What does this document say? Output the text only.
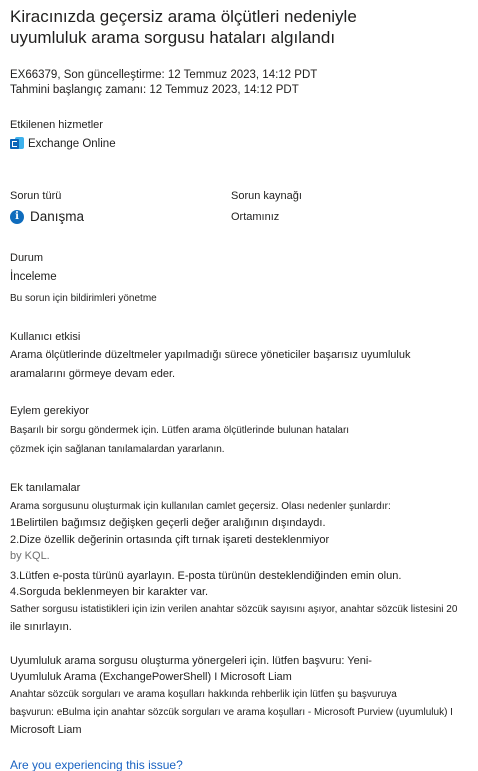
Kiracınızda geçersiz arama ölçütleri nedeniyle
uyumluluk arama sorgusu hataları algılandı
EX66379, Son güncelleştirme: 12 Temmuz 2023, 14:12 PDT
Tahmini başlangıç zamanı: 12 Temmuz 2023, 14:12 PDT
Etkilenen hizmetler
Exchange Online
Sorun türü
i Danışma
Sorun kaynağı
Ortamınız
Durum
İnceleme
Bu sorun için bildirimleri yönetme
Kullanıcı etkisi
Arama ölçütlerinde düzeltmeler yapılmadığı sürece yöneticiler başarısız uyumluluk
aramalarını görmeye devam eder.
Eylem gerekiyor
Başarılı bir sorgu göndermek için. Lütfen arama ölçütlerinde bulunan hataları
çözmek için sağlanan tanılamalardan yararlanın.
Ek tanılamalar
Arama sorgusunu oluşturmak için kullanılan camlet geçersiz. Olası nedenler şunlardır:
1Belirtilen bağımsız değişken geçerli değer aralığının dışındaydı.
2.Dize özellik değerinin ortasında çift tırnak işareti desteklenmiyor
by KQL.
3.Lütfen e-posta türünü ayarlayın. E-posta türünün desteklendiğinden emin olun.
4.Sorguda beklenmeyen bir karakter var.
Sather sorgusu istatistikleri için izin verilen anahtar sözcük sayısını aşıyor, anahtar sözcük listesini 20
ile sınırlayın.
Uyumluluk arama sorgusu oluşturma yönergeleri için. lütfen başvuru: Yeni-
Uyumluluk Arama (ExchangePowerShell) I Microsoft Liam
Anahtar sözcük sorguları ve arama koşulları hakkında rehberlik için lütfen şu başvuruya
başvurun: eBulma için anahtar sözcük sorguları ve arama koşulları - Microsoft Purview (uyumluluk) I
Microsoft Liam
Are you experiencing this issue?
